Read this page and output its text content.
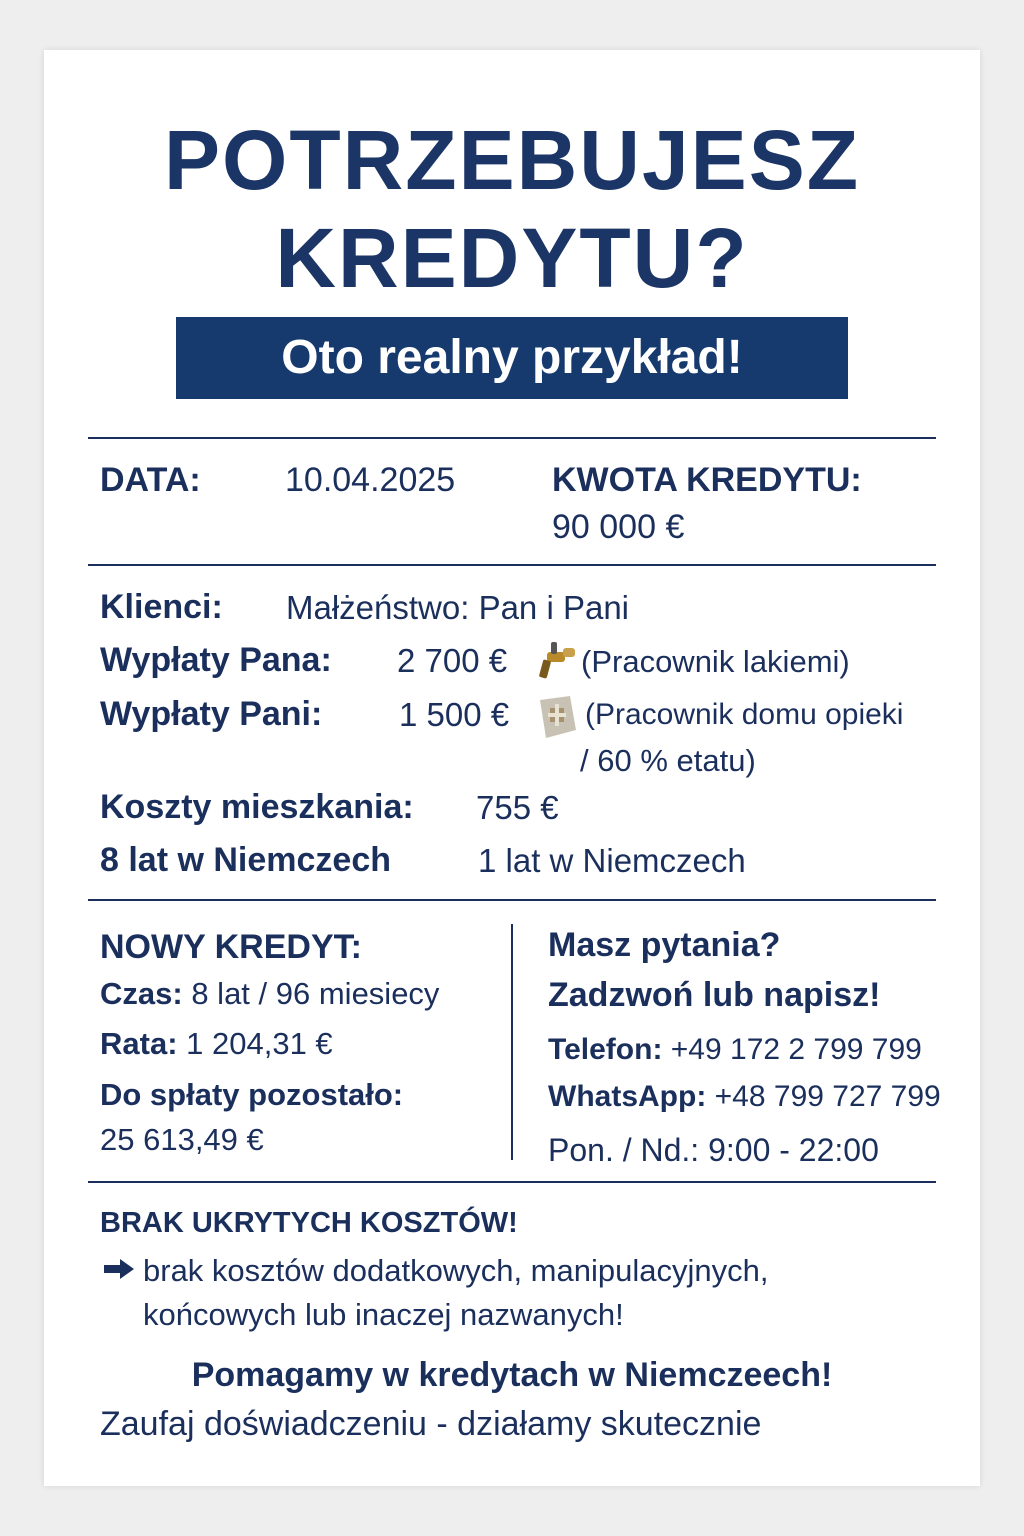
POTRZEBUJESZ
KREDYTU?
Oto realny przykład!
DATA: 10.04.2025	KWOTA KREDYTU:
90 000 €
Klienci: Małżeństwo: Pan i Pani
Wypłaty Pana: 2 700 € (Pracownik lakiemi)
Wypłaty Pani: 1 500 €	(Pracownik domu opieki
/ 60 % etatu)
Koszty mieszkania: 755 €
8 lat w Niemczech	1 lat w Niemczech
NOWY KREDYT:
Czas: 8 lat / 96 miesiecy
Rata: 1 204,31 €
Do spłaty pozostało:
25 613,49 €
Masz pytania?
Zadzwoń lub napisz!
Telefon: +49 172 2 799 799
WhatsApp: +48 799 727 799
Pon. / Nd.: 9:00 - 22:00
BRAK UKRYTYCH KOSZTÓW!
brak kosztów dodatkowych, manipulacyjnych,
końcowych lub inaczej nazwanych!
Pomagamy w kredytach w Niemczeech!
Zaufaj doświadczeniu - działamy skutecznie
